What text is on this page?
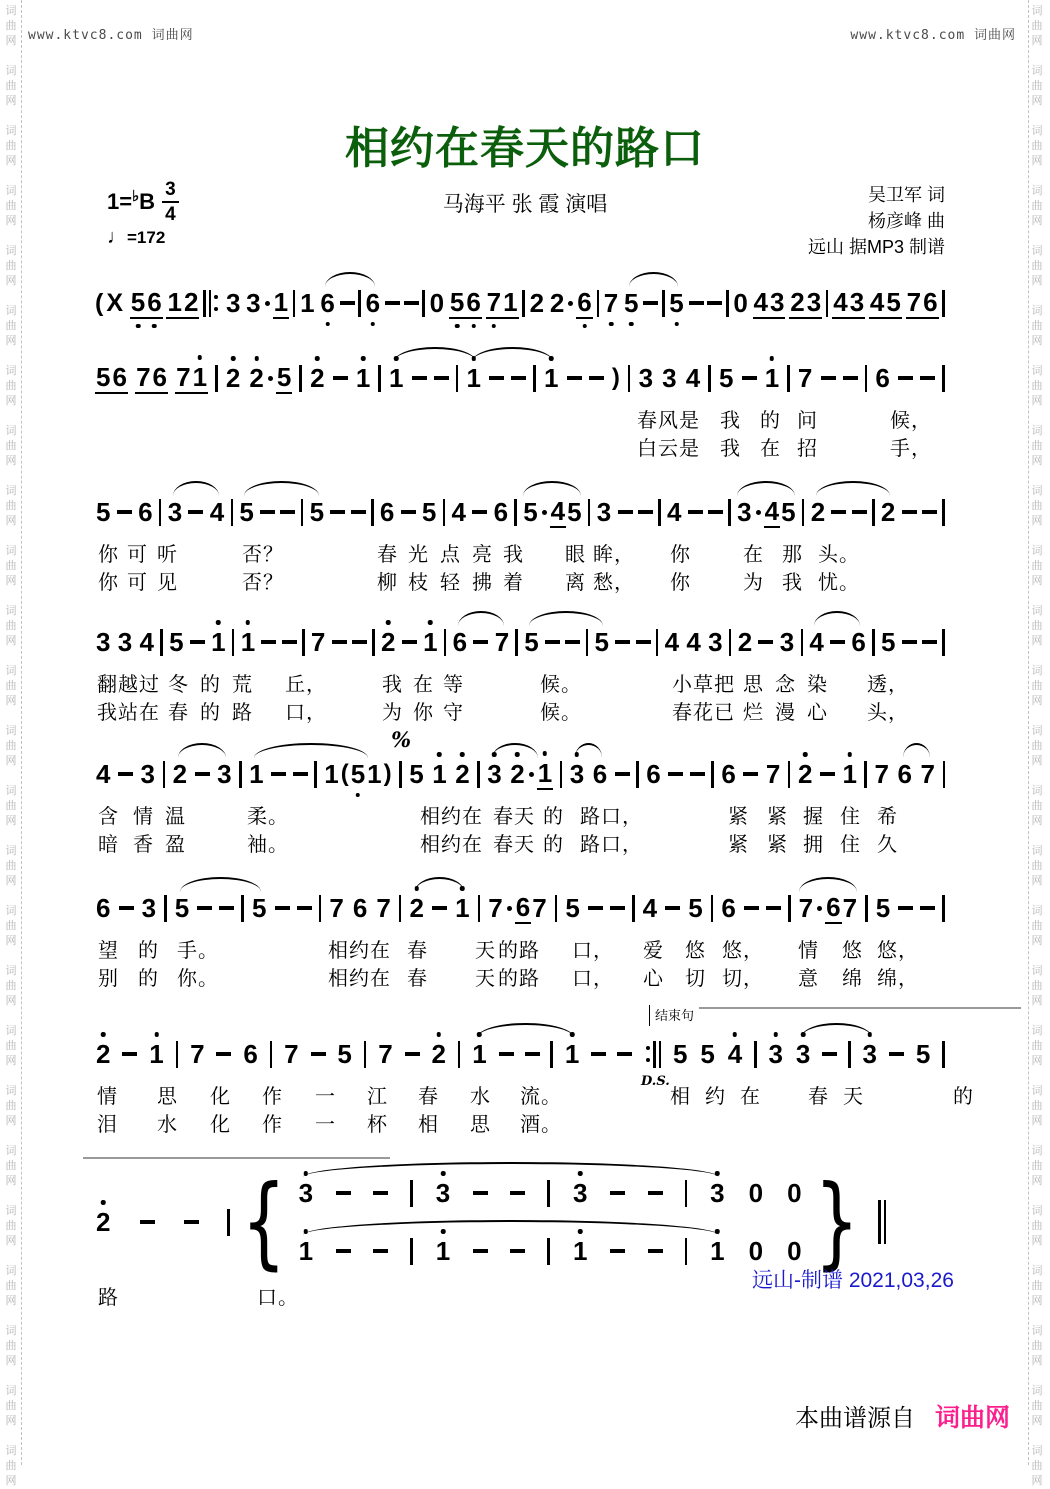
词
曲
网
词
曲
网
词
曲
网
词
曲
网
词
曲
网
词
曲
网
词
曲
网
词
曲
网
词
曲
网
词
曲
网
词
曲
网
词
曲
网
词
曲
网
词
曲
网
词
曲
网
词
曲
网
词
曲
网
词
曲
网
词
曲
网
词
曲
网
词
曲
网
词
曲
网
词
曲
网
词
曲
网
词
曲
网
词
曲
网
词
曲
网
词
曲
网
词
曲
网
词
曲
网
词
曲
网
词
曲
网
词
曲
网
词
曲
网
词
曲
网
词
曲
网
词
曲
网
词
曲
网
词
曲
网
词
曲
网
词
曲
网
词
曲
网
词
曲
网
词
曲
网
词
曲
网
词
曲
网
词
曲
网
词
曲
网
词
曲
网
词
曲
网
www.ktvc8.com 词曲网	www.ktvc8.com 词曲网
相约在春天的路口
1= ♭ B $\frac{3}{4}$
♩=172
马海平 张 霞 演唱	吴卫军 词
杨彦峰 曲
远山 据MP3 制谱
(X 5 6 1 2 3 3 1 1 6 6 0 5 6 7 1 2 2 6 7 5 5 0 4 3 2 3 4 3 4 5 7 6
5 6 7 6 7 1 2 2 5 2 1 1 1 1 ) 3 3 4 5 1 7 6
春风是 我 的 问	候，
白云是 我 在 招	手，
5 6 3 4 5 5 6 5 4 6 5 4 5 3 4 3 4 5 2 2
你 可 听	否？	春 光 点 亮 我 眼 眸， 你	在 那 头。
你 可 见	否？	柳 枝 轻 拂 着 离 愁， 你	为 我 忧。
3 3 4 5 1 1 7 2 1 6 7 5 5 4 4 3 2 3 4 6 5
翻越过 冬 的 荒 丘，	我 在 等	候。	小草把 思 念 染 透，
我站在 春 的 路 口，	为 你 守	候。	春花已 烂 漫 心 头，
4 3 2 3 1 1 ( 5 1 )
%
5 1 2 3 2 1 3 6 6 6 7 2 1 7 6 7
含 情 温	柔。	相约在 春天 的 路口，	紧 紧 握 住 希
暗 香 盈	袖。	相约在 春天 的 路口，	紧 紧 拥 住 久
6 3 5 5 7 6 7 2 1 7 6 7 5 4 5 6 7 6 7 5
望 的 手。	相约在 春 天 的路 口， 爱 悠 悠， 情 悠 悠，
别 的 你。	相约在 春 天 的路 口， 心 切 切， 意 绵 绵，
2 1 7 6 7 5 7 2 1	1	5 5 4 3 3 3 5
结束句
D.S.
情 思 化 作 一 江 春 水 流。	相 约 在 春 天	的
泪 水 化 作 一 杯 相 思 酒。
2 { 3	3	3	3 0 0
1	1	1	1 0 0 }
路	口。
远山-制谱 2021,03,26
本曲谱源自 词曲网
